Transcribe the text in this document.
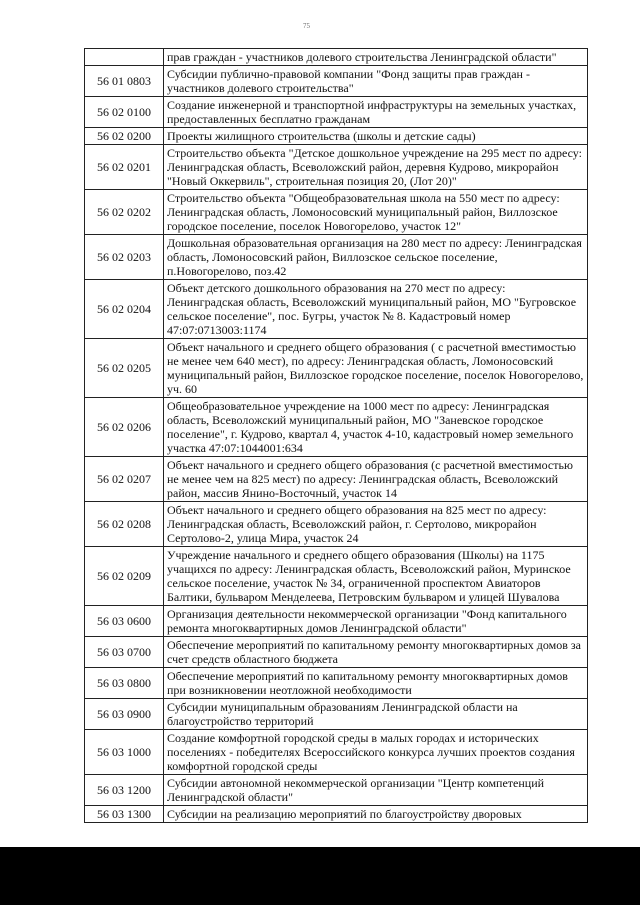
75
	прав граждан - участников долевого строительства Ленинградской области"
56 01 0803	Субсидии публично-правовой компании "Фонд защиты прав граждан - участников долевого строительства"
56 02 0100	Создание инженерной и транспортной инфраструктуры на земельных участках, предоставленных бесплатно гражданам
56 02 0200	Проекты жилищного строительства (школы и детские сады)
56 02 0201	Строительство объекта "Детское дошкольное учреждение на 295 мест по адресу: Ленинградская область, Всеволожский район, деревня Кудрово, микрорайон "Новый Оккервиль", строительная позиция 20, (Лот 20)"
56 02 0202	Строительство объекта "Общеобразовательная школа на 550 мест по адресу: Ленинградская область, Ломоносовский муниципальный район, Виллозское городское поселение, поселок Новогорелово, участок 12"
56 02 0203	Дошкольная образовательная организация на 280 мест по адресу: Ленинградская область, Ломоносовский район, Виллозское сельское поселение, п.Новогорелово, поз.42
56 02 0204	Объект детского дошкольного образования на 270 мест по адресу: Ленинградская область, Всеволожский муниципальный район, МО "Бугровское сельское поселение", пос. Бугры, участок № 8. Кадастровый номер 47:07:0713003:1174
56 02 0205	Объект начального и среднего общего образования ( с расчетной вместимостью не менее чем 640 мест), по адресу: Ленинградская область, Ломоносовский муниципальный район, Виллозское городское поселение, поселок Новогорелово, уч. 60
56 02 0206	Общеобразовательное учреждение на 1000 мест по адресу: Ленинградская область, Всеволожский муниципальный район, МО "Заневское городское поселение", г. Кудрово, квартал 4, участок 4-10, кадастровый номер земельного участка 47:07:1044001:634
56 02 0207	Объект начального и среднего общего образования (с расчетной вместимостью не менее чем на 825 мест) по адресу: Ленинградская область, Всеволожский район, массив Янино-Восточный, участок 14
56 02 0208	Объект начального и среднего общего образования на 825 мест по адресу: Ленинградская область, Всеволожский район, г. Сертолово, микрорайон Сертолово-2, улица Мира, участок 24
56 02 0209	Учреждение начального и среднего общего образования (Школы) на 1175 учащихся по адресу: Ленинградская область, Всеволожский район, Муринское сельское поселение, участок № 34, ограниченной проспектом Авиаторов Балтики, бульваром Менделеева, Петровским бульваром и улицей Шувалова
56 03 0600	Организация деятельности некоммерческой организации "Фонд капитального ремонта многоквартирных домов Ленинградской области"
56 03 0700	Обеспечение мероприятий по капитальному ремонту многоквартирных домов за счет средств областного бюджета
56 03 0800	Обеспечение мероприятий по капитальному ремонту многоквартирных домов при возникновении неотложной необходимости
56 03 0900	Субсидии муниципальным образованиям Ленинградской области на благоустройство территорий
56 03 1000	Создание комфортной городской среды в малых городах и исторических поселениях - победителях Всероссийского конкурса лучших проектов создания комфортной городской среды
56 03 1200	Субсидии автономной некоммерческой организации "Центр компетенций Ленинградской области"
56 03 1300	Субсидии на реализацию мероприятий по благоустройству дворовых
